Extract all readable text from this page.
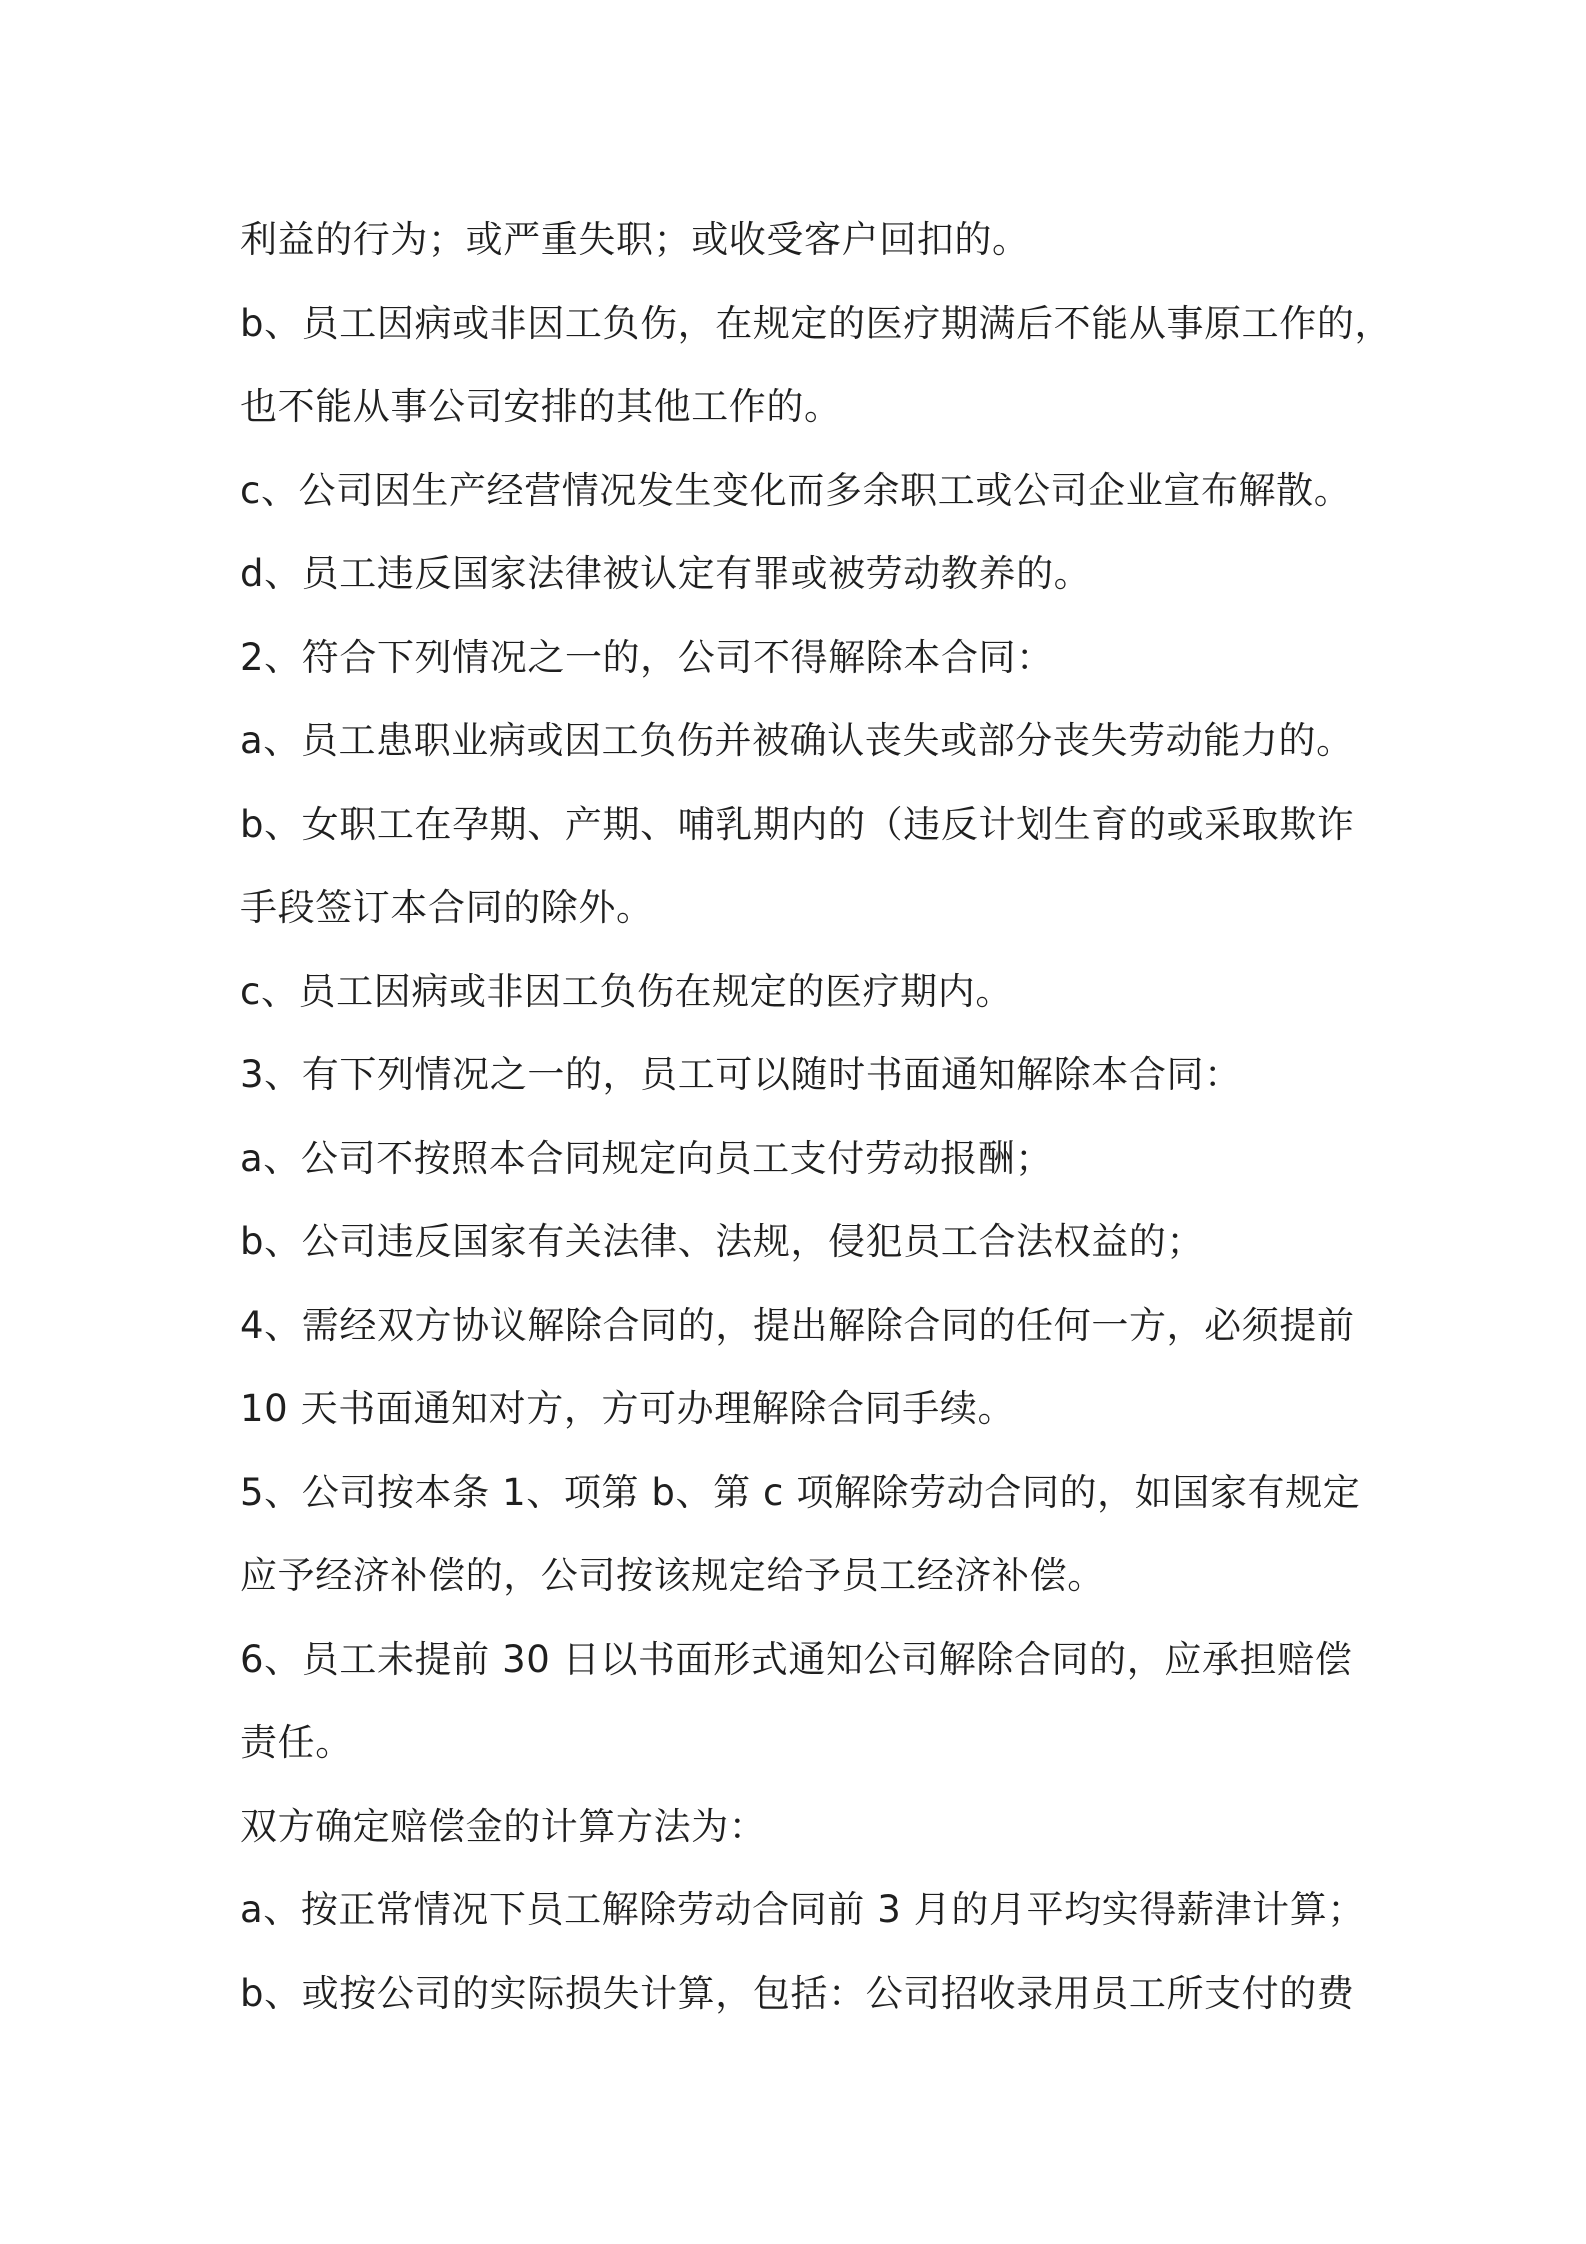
利益的行为；或严重失职；或收受客户回扣的。
b、员工因病或非因工负伤，在规定的医疗期满后不能从事原工作的，
也不能从事公司安排的其他工作的。
c、公司因生产经营情况发生变化而多余职工或公司企业宣布解散。
d、员工违反国家法律被认定有罪或被劳动教养的。
2、符合下列情况之一的，公司不得解除本合同：
a、员工患职业病或因工负伤并被确认丧失或部分丧失劳动能力的。
b、女职工在孕期、产期、哺乳期内的（违反计划生育的或采取欺诈
手段签订本合同的除外。
c、员工因病或非因工负伤在规定的医疗期内。
3、有下列情况之一的，员工可以随时书面通知解除本合同：
a、公司不按照本合同规定向员工支付劳动报酬；
b、公司违反国家有关法律、法规，侵犯员工合法权益的；
4、需经双方协议解除合同的，提出解除合同的任何一方，必须提前
10 天书面通知对方，方可办理解除合同手续。
5、公司按本条 1、项第 b、第 c 项解除劳动合同的，如国家有规定
应予经济补偿的，公司按该规定给予员工经济补偿。
6、员工未提前 30 日以书面形式通知公司解除合同的，应承担赔偿
责任。
双方确定赔偿金的计算方法为：
a、按正常情况下员工解除劳动合同前 3 月的月平均实得薪津计算；
b、或按公司的实际损失计算，包括：公司招收录用员工所支付的费
